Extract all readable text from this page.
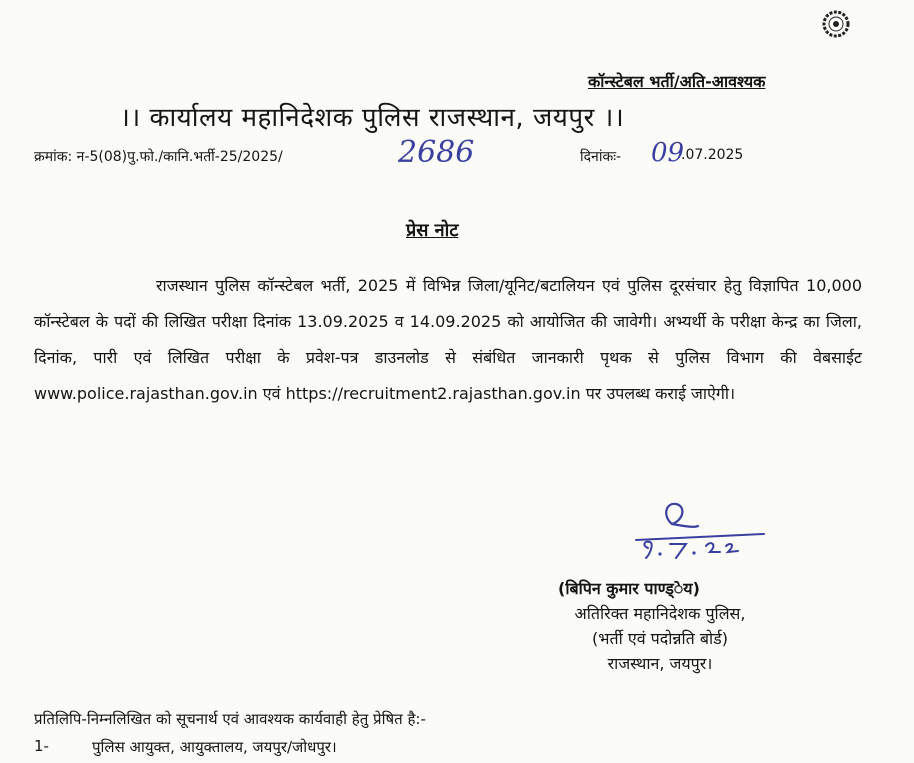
कॉन्स्टेबल भर्ती/अति-आवश्यक
।। कार्यालय महानिदेशक पुलिस राजस्थान, जयपुर ।।
क्रमांक: न-5(08)पु.फो./कानि.भर्ती-25/2025/	2686	दिनांकः- 09
.07.2025
प्रेस नोट
राजस्थान पुलिस कॉन्स्टेबल भर्ती, 2025 में विभिन्न जिला/यूनिट/बटालियन एवं पुलिस दूरसंचार हेतु विज्ञापित 10,000 कॉन्स्टेबल के पदों की लिखित परीक्षा दिनांक 13.09.2025 व 14.09.2025 को आयोजित की जावेगी। अभ्यर्थी के परीक्षा केन्द्र का जिला, दिनांक, पारी एवं लिखित परीक्षा के प्रवेश-पत्र डाउनलोड से संबंधित जानकारी पृथक से पुलिस विभाग की वेबसाईट www.police.rajasthan.gov.in एवं https://recruitment2.rajasthan.gov.in पर उपलब्ध कराई जाऐगी।
(बिपिन कुमार पाण्ड्ेय)
अतिरिक्त महानिदेशक पुलिस,
(भर्ती एवं पदोन्नति बोर्ड)
राजस्थान, जयपुर।
प्रतिलिपि-निम्नलिखित को सूचनार्थ एवं आवश्यक कार्यवाही हेतु प्रेषित है:-
1-	पुलिस आयुक्त, आयुक्तालय, जयपुर/जोधपुर।
